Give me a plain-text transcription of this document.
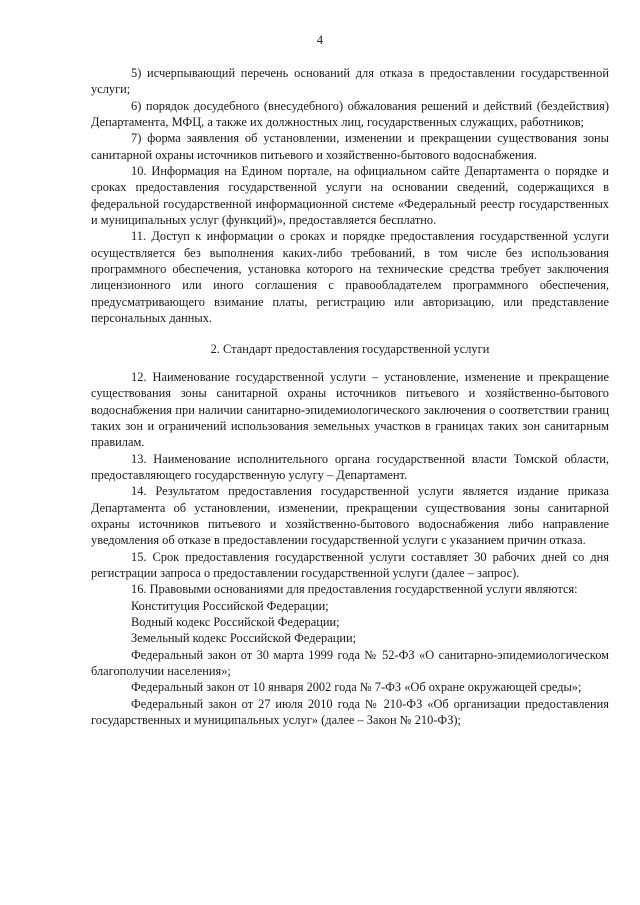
4

5) исчерпывающий перечень оснований для отказа в предоставлении государственной услуги;

6) порядок досудебного (внесудебного) обжалования решений и действий (бездействия) Департамента, МФЦ, а также их должностных лиц, государственных служащих, работников;

7) форма заявления об установлении, изменении и прекращении существования зоны санитарной охраны источников питьевого и хозяйственно-бытового водоснабжения.

10. Информация на Едином портале, на официальном сайте Департамента о порядке и сроках предоставления государственной услуги на основании сведений, содержащихся в федеральной государственной информационной системе «Федеральный реестр государственных и муниципальных услуг (функций)», предоставляется бесплатно.

11. Доступ к информации о сроках и порядке предоставления государственной услуги осуществляется без выполнения каких-либо требований, в том числе без использования программного обеспечения, установка которого на технические средства требует заключения лицензионного или иного соглашения с правообладателем программного обеспечения, предусматривающего взимание платы, регистрацию или авторизацию, или представление персональных данных.

2. Стандарт предоставления государственной услуги

12. Наименование государственной услуги – установление, изменение и прекращение существования зоны санитарной охраны источников питьевого и хозяйственно-бытового водоснабжения при наличии санитарно-эпидемиологического заключения о соответствии границ таких зон и ограничений использования земельных участков в границах таких зон санитарным правилам.

13. Наименование исполнительного органа государственной власти Томской области, предоставляющего государственную услугу – Департамент.

14. Результатом предоставления государственной услуги является издание приказа Департамента об установлении, изменении, прекращении существования зоны санитарной охраны источников питьевого и хозяйственно-бытового водоснабжения либо направление уведомления об отказе в предоставлении государственной услуги с указанием причин отказа.

15. Срок предоставления государственной услуги составляет 30 рабочих дней со дня регистрации запроса о предоставлении государственной услуги (далее – запрос).

16. Правовыми основаниями для предоставления государственной услуги являются:

Конституция Российской Федерации;

Водный кодекс Российской Федерации;

Земельный кодекс Российской Федерации;

Федеральный закон от 30 марта 1999 года № 52-ФЗ «О санитарно-эпидемиологическом благополучии населения»;

Федеральный закон от 10 января 2002 года № 7-ФЗ «Об охране окружающей среды»;

Федеральный закон от 27 июля 2010 года № 210-ФЗ «Об организации предоставления государственных и муниципальных услуг» (далее – Закон № 210-ФЗ);
